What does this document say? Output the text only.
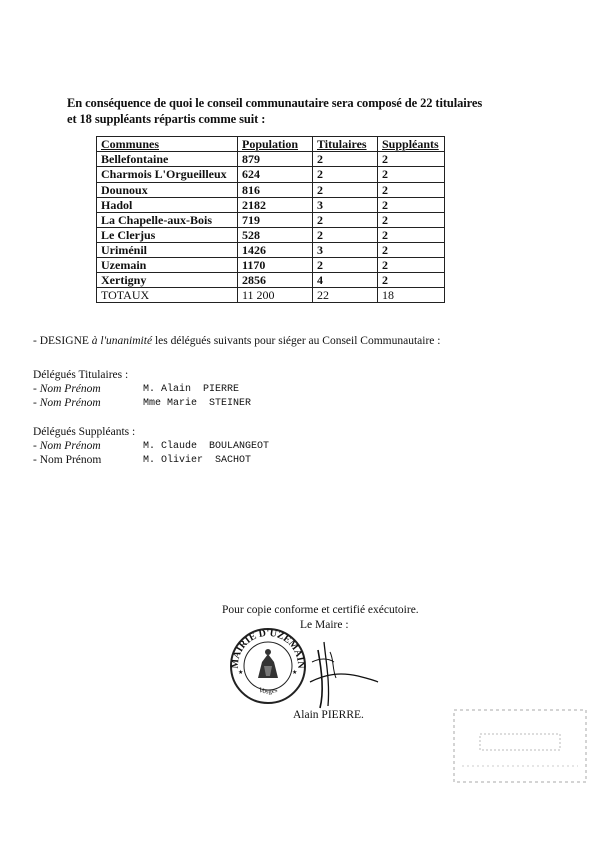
En conséquence de quoi le conseil communautaire sera composé de 22 titulaires
et 18 suppléants répartis comme suit :
Communes	Population	Titulaires	Suppléants
Bellefontaine	879	2	2
Charmois L'Orgueilleux	624	2	2
Dounoux	816	2	2
Hadol	2182	3	2
La Chapelle-aux-Bois	719	2	2
Le Clerjus	528	2	2
Uriménil	1426	3	2
Uzemain	1170	2	2
Xertigny	2856	4	2
TOTAUX	11 200	22	18
- DESIGNE à l'unanimité les délégués suivants pour siéger au Conseil Communautaire :
Délégués Titulaires :
- Nom Prénom	M. Alain  PIERRE
- Nom Prénom	Mme Marie  STEINER
Délégués Suppléants :
- Nom Prénom	M. Claude  BOULANGEOT
- Nom Prénom	M. Olivier  SACHOT
Pour copie conforme et certifié exécutoire.
Le Maire :
MAIRIE D'UZEMAIN
Vosges
★	★
Alain PIERRE.
